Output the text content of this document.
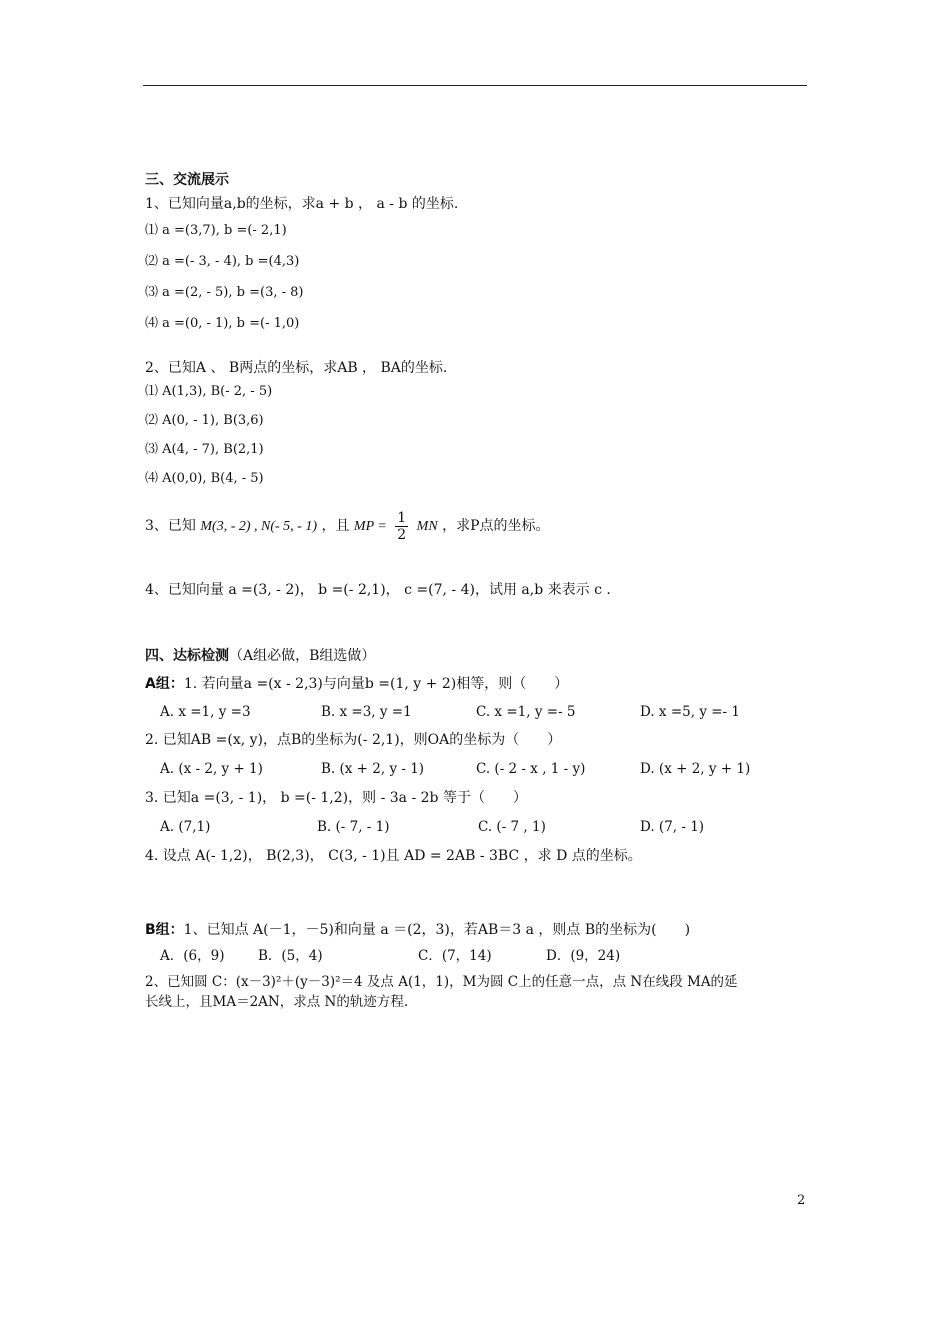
三、交流展示
1、已知向量a,b的坐标，求a + b ， a - b 的坐标.
⑴ a =(3,7), b =(- 2,1)
⑵ a =(- 3, - 4), b =(4,3)
⑶ a =(2, - 5), b =(3, - 8)
⑷ a =(0, - 1), b =(- 1,0)
2、已知A 、 B两点的坐标，求AB ， BA的坐标.
⑴ A(1,3), B(- 2, - 5)
⑵ A(0, - 1), B(3,6)
⑶ A(4, - 7), B(2,1)
⑷ A(0,0), B(4, - 5)
3、已知 M(3, - 2) , N(- 5, - 1) ，且 MP = $\frac{1}{2}$ MN ，求P点的坐标。
4、已知向量 a =(3, - 2)， b =(- 2,1)， c =(7, - 4)，试用 a,b 来表示 c .
四、达标检测（A组必做，B组选做）
A组：1. 若向量a =(x - 2,3)与向量b =(1, y + 2)相等，则（　　）
A. x =1, y =3	B. x =3, y =1	C. x =1, y =- 5	D. x =5, y =- 1
2. 已知AB =(x, y)，点B的坐标为(- 2,1)，则OA的坐标为（　　）
A. (x - 2, y + 1)	B. (x + 2, y - 1)	C. (- 2 - x , 1 - y)	D. (x + 2, y + 1)
3. 已知a =(3, - 1)， b =(- 1,2)，则 - 3a - 2b 等于（　　）
A. (7,1)	B. (- 7, - 1)	C. (- 7 , 1)	D. (7, - 1)
4. 设点 A(- 1,2)， B(2,3)， C(3, - 1)且 AD = 2AB - 3BC ，求 D 点的坐标。
B组：1、已知点 A(－1，－5)和向量 a ＝(2，3)，若AB＝3 a ，则点 B的坐标为(　　)
A．(6，9) B．(5，4)	C．(7，14)	D．(9，24)
2、已知圆 C：(x－3)²＋(y－3)²＝4 及点 A(1，1)，M为圆 C上的任意一点，点 N在线段 MA的延
长线上，且MA＝2AN，求点 N的轨迹方程.
2
